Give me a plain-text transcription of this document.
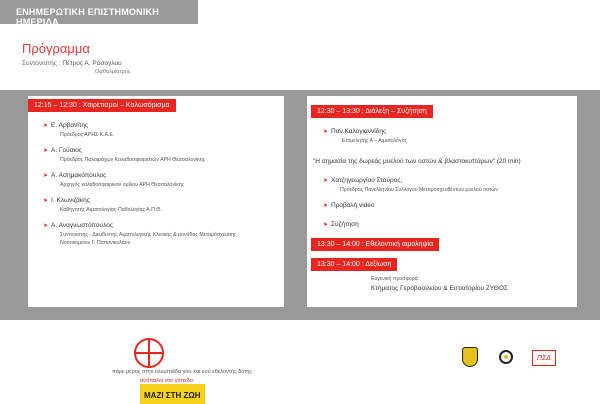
ΕΝΗΜΕΡΩΤΙΚΗ ΕΠΙΣΤΗΜΟΝΙΚΗ ΗΜΕΡΙΔΑ
Πρόγραμμα
Συντονιστής : Πέτρος Α. Ράσογλου
Οφθαλμίατρος
12:15 – 12:30 : Χαιρετισμοί – Καλωσόρισμα
➤ Ε. Αρβανίτης
Πρόεδρος ΑΡΗΣ Κ.Α.Ε.
➤ Α. Γούσιος
Πρόεδρος Παλαιμάχων Καλαθοσφαιριστών ΑΡΗ Θεσσαλονίκης
➤ Α. Ασημακόπουλος
Αρχηγός καλαθοσφαιρικού ομίλου ΑΡΗ Θεσσαλονίκης
➤ Ι. Κλωνιζάκης
Καθηγητής Αιματολογίας-Παθολογίας Α.Π.Θ.
➤ Α. Αναγνωστόπουλος
Συντονιστής - Διευθυντής Αιματολογικής Κλινικής & μονάδας Μεταμόσχευσης
Νοσοκομείου Γ. Παπανικολάου
12:30 – 13:30 : Διάλεξη – Συζήτηση
➤ Παν.Καλογιαννίδης
Επιμελητής Α – Αιματολόγος
"Η σημασία της δωρεάς μυελού των οστών & βλαστοκυττάρων" (20 min)
➤ Χατζηγεωργίου Σταύρος,
Πρόεδρος Πανελληνίου Συλλόγου Μεταμοσχευθέντων μυελού οστών
➤ Προβολή video
➤ Συζήτηση
13:30 – 14:00 : Εθελοντική αιμοληψία
13:30 – 14:00 : Δεξίωση
Ευγενική προσφορά:
Κτήματος Γεροβασιλείου & Εστιατορίου ΖΥΘΟΣ
πάρε μέρος στην ολυμπιάδα γίνε και εσύ εθελοντής δότης
αντίπαλοι στο γήπεδο
ΜΑΖΙ ΣΤΗ ΖΩΗ
ΠΣΔ
